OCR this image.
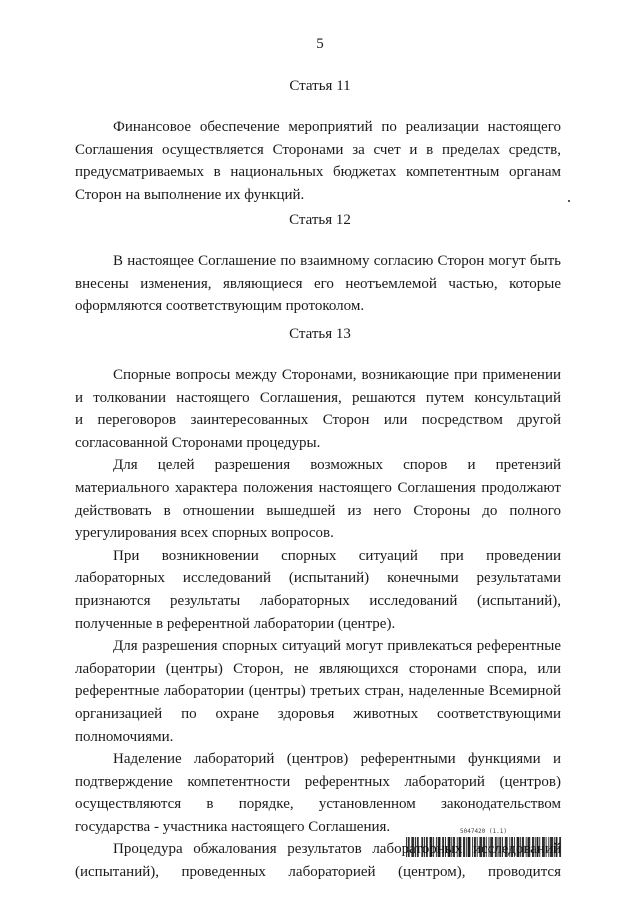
5
Статья 11
Финансовое обеспечение мероприятий по реализации настоящего
Соглашения осуществляется Сторонами за счет и в пределах средств,
предусматриваемых в национальных бюджетах компетентным органам
Сторон на выполнение их функций.
Статья 12
В настоящее Соглашение по взаимному согласию Сторон могут быть
внесены изменения, являющиеся его неотъемлемой частью, которые
оформляются соответствующим протоколом.
Статья 13
Спорные вопросы между Сторонами, возникающие при применении
и толковании настоящего Соглашения, решаются путем консультаций
и переговоров заинтересованных Сторон или посредством другой
согласованной Сторонами процедуры.
Для целей разрешения возможных споров и претензий
материального характера положения настоящего Соглашения продолжают
действовать в отношении вышедшей из него Стороны до полного
урегулирования всех спорных вопросов.
При возникновении спорных ситуаций при проведении
лабораторных исследований (испытаний) конечными результатами
признаются результаты лабораторных исследований (испытаний),
полученные в референтной лаборатории (центре).
Для разрешения спорных ситуаций могут привлекаться референтные
лаборатории (центры) Сторон, не являющихся сторонами спора, или
референтные лаборатории (центры) третьих стран, наделенные Всемирной
организацией по охране здоровья животных соответствующими
полномочиями.
Наделение лабораторий (центров) референтными функциями и
подтверждение компетентности референтных лабораторий (центров)
осуществляются в порядке, установленном законодательством
государства - участника настоящего Соглашения.
Процедура обжалования результатов лабораторных исследований
(испытаний), проведенных лабораторией (центром), проводится
5047420 (1.1)
